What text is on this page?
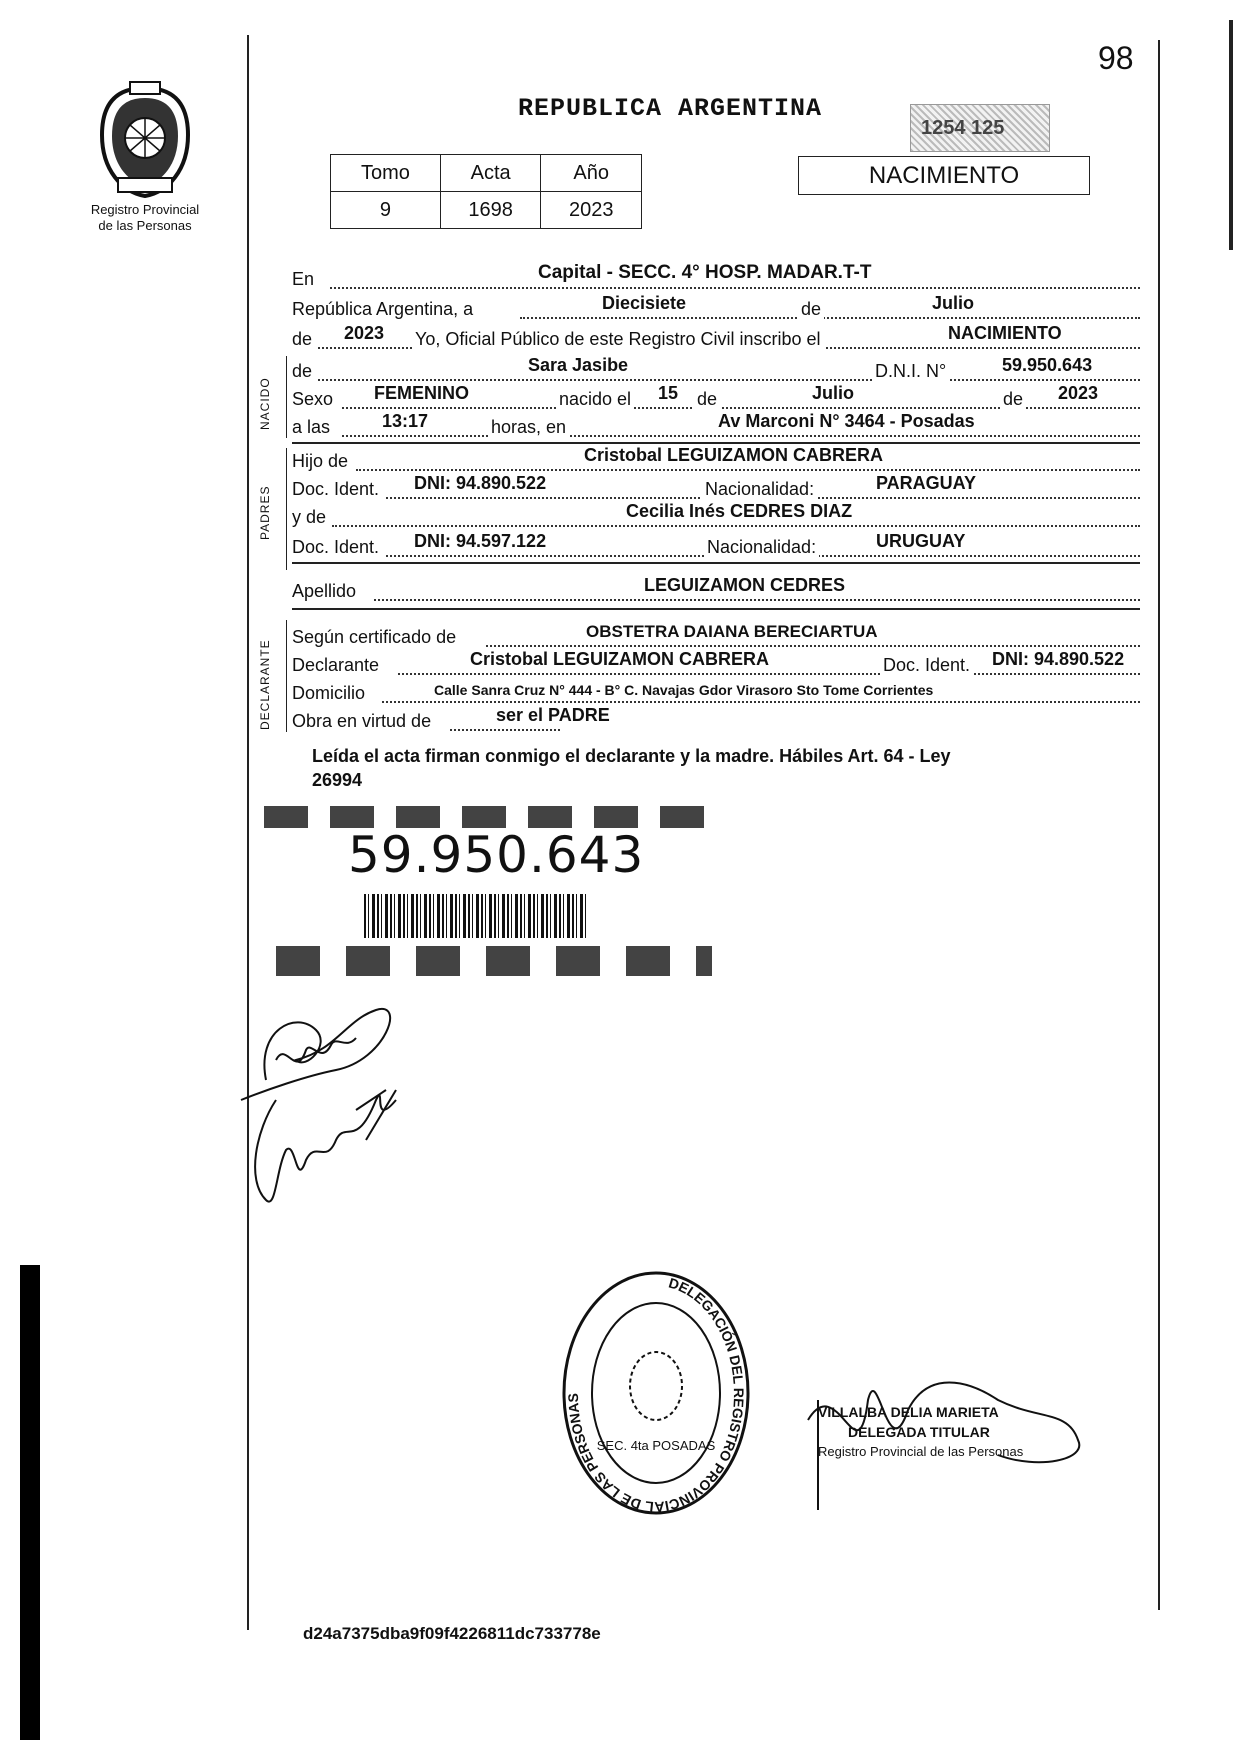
98
Registro Provincial
de las Personas
REPUBLICA ARGENTINA
1254 125
Tomo	Acta	Año
9	1698	2023
NACIMIENTO
En	Capital - SECC. 4° HOSP. MADAR.T-T
República Argentina, a	Diecisiete	de	Julio
de 2023 Yo, Oficial Público de este Registro Civil inscribo el	NACIMIENTO
NACIDO
de	Sara Jasibe	D.N.I. N°	59.950.643
Sexo FEMENINO	nacido el 15 de	Julio	de 2023
a las	13:17	horas, en	Av Marconi N° 3464 - Posadas
PADRES
Hijo de	Cristobal LEGUIZAMON CABRERA
Doc. Ident. DNI: 94.890.522	Nacionalidad:	PARAGUAY
y de	Cecilia Inés CEDRES DIAZ
Doc. Ident. DNI: 94.597.122	Nacionalidad:	URUGUAY
Apellido	LEGUIZAMON CEDRES
DECLARANTE
Según certificado de	OBSTETRA DAIANA BERECIARTUA
Declarante	Cristobal LEGUIZAMON CABRERA	Doc. Ident. DNI: 94.890.522
Domicilio	Calle Sanra Cruz N° 444 - B° C. Navajas Gdor Virasoro Sto Tome Corrientes
Obra en virtud de	ser el PADRE
Leída el acta firman conmigo el declarante y la madre. Hábiles Art. 64 - Ley
26994
59.950.643
DELEGACIÓN DEL REGISTRO PROVINCIAL DE LAS PERSONAS
SEC. 4ta POSADAS
VILLALBA DELIA MARIETA
DELEGADA TITULAR
Registro Provincial de las Personas
d24a7375dba9f09f4226811dc733778e
